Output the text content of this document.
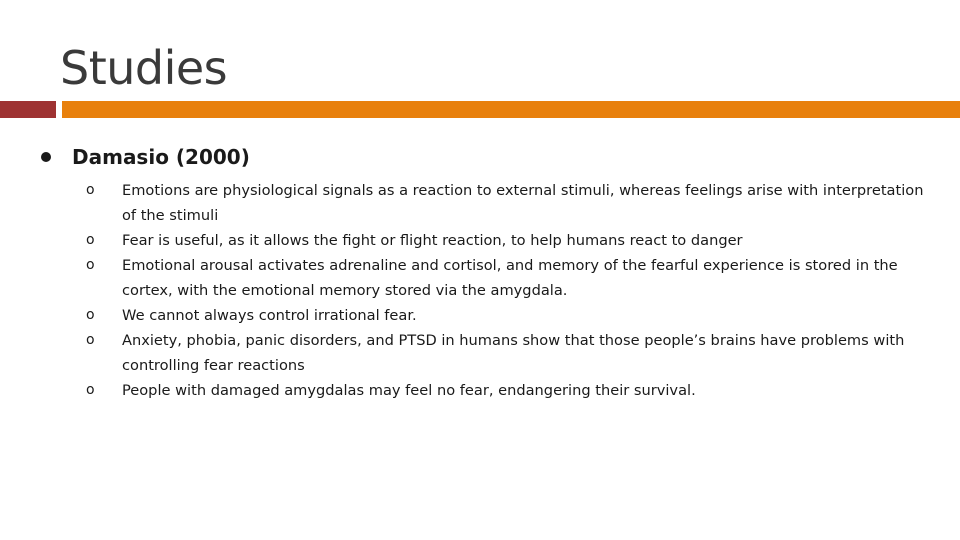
Studies
Damasio (2000)
o Emotions are physiological signals as a reaction to external stimuli, whereas feelings arise with interpretation of the stimuli
o Fear is useful, as it allows the fight or flight reaction, to help humans react to danger
o Emotional arousal activates adrenaline and cortisol, and memory of the fearful experience is stored in the cortex, with the emotional memory stored via the amygdala.
o We cannot always control irrational fear.
o Anxiety, phobia, panic disorders, and PTSD in humans show that those people’s brains have problems with controlling fear reactions
o People with damaged amygdalas may feel no fear, endangering their survival.
